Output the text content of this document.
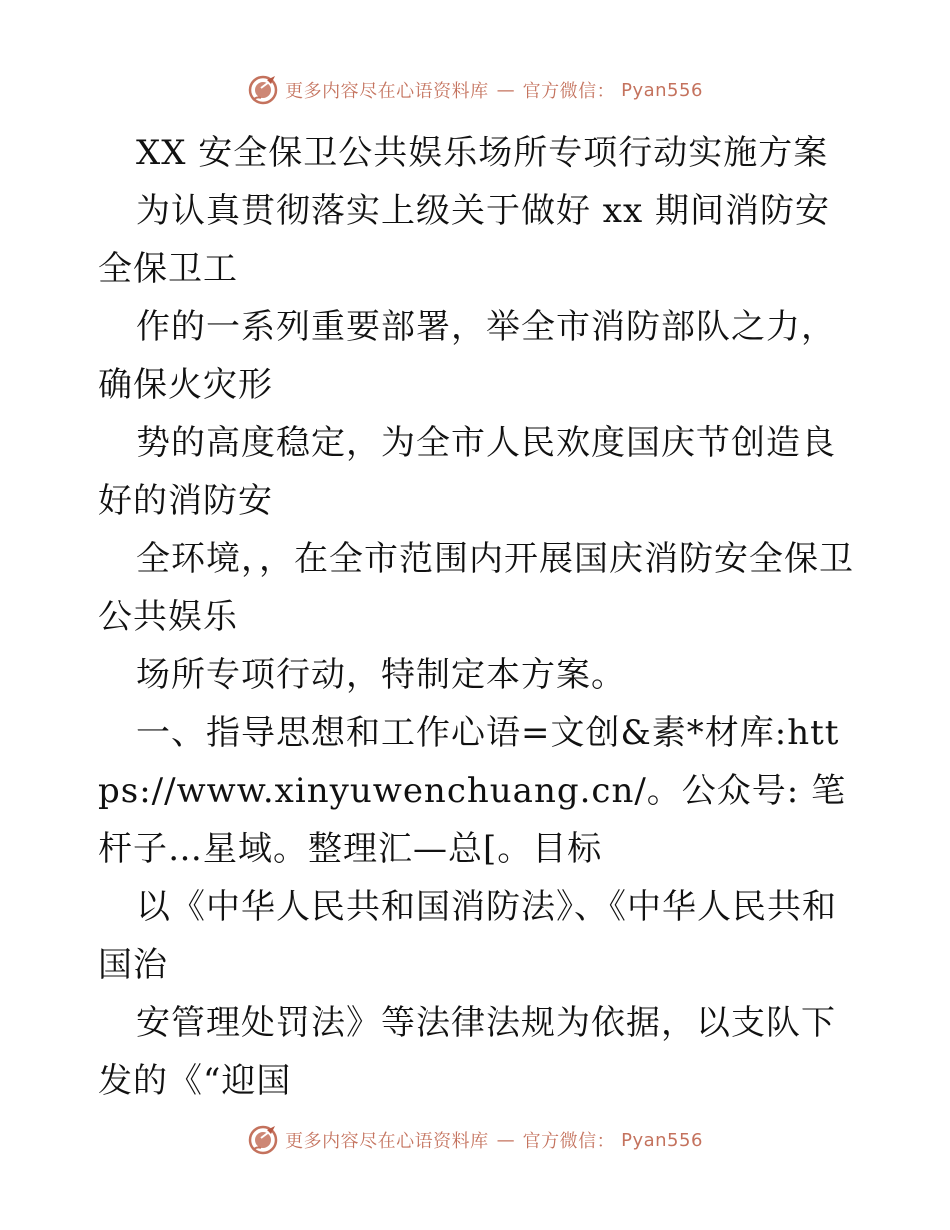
更多内容尽在心语资料库 — 官方微信： Pyan556

XX 安全保卫公共娱乐场所专项行动实施方案

为认真贯彻落实上级关于做好 xx 期间消防安全保卫工

作的一系列重要部署，举全市消防部队之力，确保火灾形

势的高度稳定，为全市人民欢度国庆节创造良好的消防安

全环境，，在全市范围内开展国庆消防安全保卫公共娱乐

场所专项行动，特制定本方案。

一、指导思想和工作心语=文创&素*材库:https://www.xinyuwenchuang.cn/。公众号: 笔杆子…星域。整理汇—总[。目标

以《中华人民共和国消防法》、《中华人民共和国治

安管理处罚法》等法律法规为依据，以支队下发的《“迎国

更多内容尽在心语资料库 — 官方微信： Pyan556
